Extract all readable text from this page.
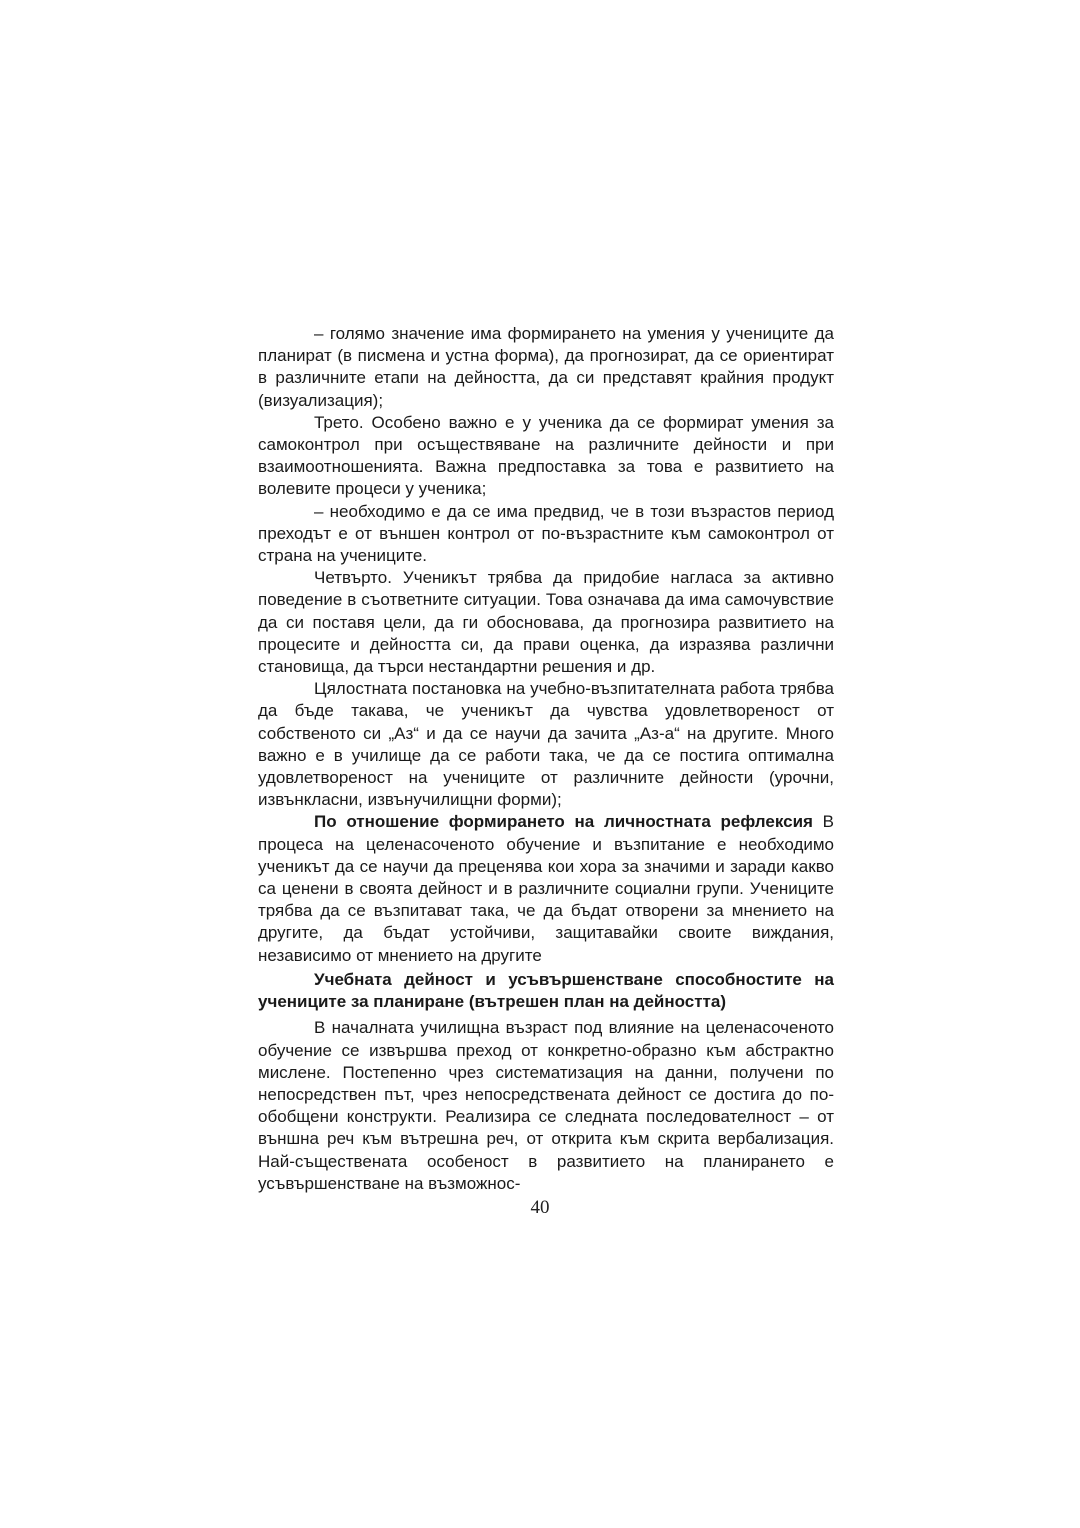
– голямо значение има формирането на умения у учениците да планират (в писмена и устна форма), да прогнозират, да се ориентират в различните етапи на дейността, да си представят крайния продукт (визуализация);

Трето. Особено важно е у ученика да се формират умения за самоконтрол при осъществяване на различните дейности и при взаимоотношенията. Важна предпоставка за това е развитието на волевите процеси у ученика;

– необходимо е да се има предвид, че в този възрастов период преходът е от външен контрол от по-възрастните към самоконтрол от страна на учениците.

Четвърто. Ученикът трябва да придобие нагласа за активно поведение в съответните ситуации. Това означава да има самочувствие да си поставя цели, да ги обосновава, да прогнозира развитието на процесите и дейността си, да прави оценка, да изразява различни становища, да търси нестандартни решения и др.

Цялостната постановка на учебно-възпитателната работа трябва да бъде такава, че ученикът да чувства удовлетвореност от собственото си „Аз“ и да се научи да зачита „Аз-а“ на другите. Много важно е в училище да се работи така, че да се постига оптимална удовлетвореност на учениците от различните дейности (урочни, извънкласни, извънучилищни форми);

По отношение формирането на личностната рефлексия В процеса на целенасоченото обучение и възпитание е необходимо ученикът да се научи да преценява кои хора за значими и заради какво са ценени в своята дейност и в различните социални групи. Учениците трябва да се възпитават така, че да бъдат отворени за мнението на другите, да бъдат устойчиви, защитавайки своите виждания, независимо от мнението на другите

Учебната дейност и усъвършенстване способностите на учениците за планиране (вътрешен план на дейността)

В началната училищна възраст под влияние на целенасоченото обучение се извършва преход от конкретно-образно към абстрактно мислене. Постепенно чрез систематизация на данни, получени по непосредствен път, чрез непосредствената дейност се достига до по-обобщени конструкти. Реализира се следната последователност – от външна реч към вътрешна реч, от открита към скрита вербализация. Най-съществената особеност в развитието на планирането е усъвършенстване на възможнос-

40
